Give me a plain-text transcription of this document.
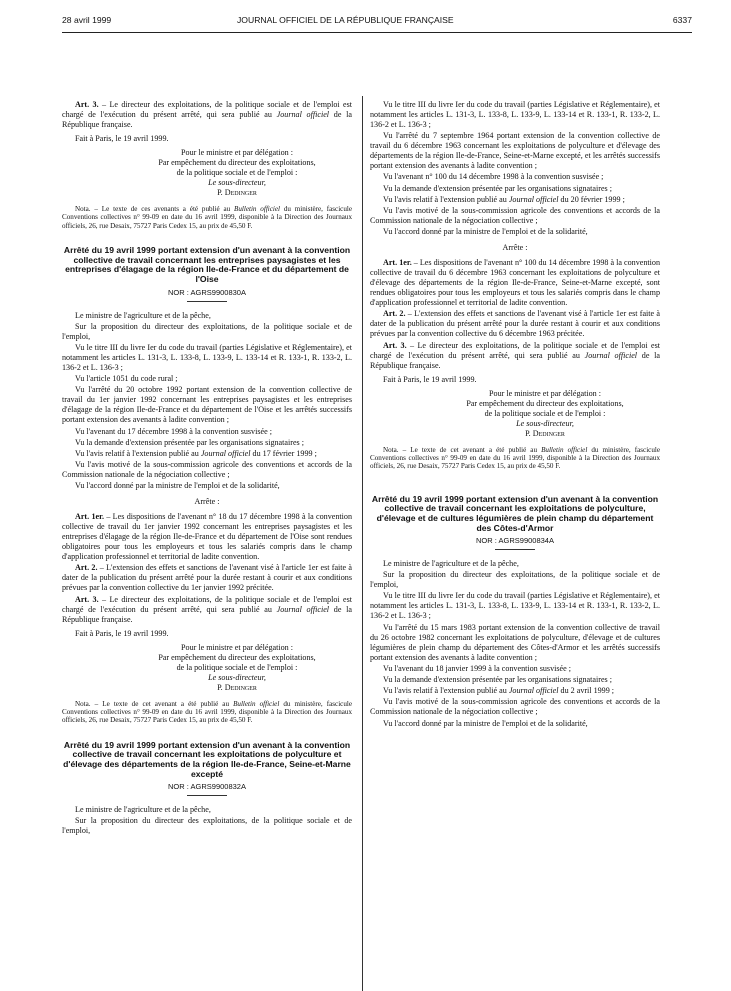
28 avril 1999	JOURNAL OFFICIEL DE LA RÉPUBLIQUE FRANÇAISE	6337

Art. 3. – Le directeur des exploitations, de la politique sociale et de l'emploi est chargé de l'exécution du présent arrêté, qui sera publié au Journal officiel de la République française.

Fait à Paris, le 19 avril 1999.

Pour le ministre et par délégation :

Par empêchement du directeur des exploitations,

de la politique sociale et de l'emploi :

Le sous-directeur,

P. Dedinger

Nota. – Le texte de ces avenants a été publié au Bulletin officiel du ministère, fascicule Conventions collectives n° 99-09 en date du 16 avril 1999, disponible à la Direction des Journaux officiels, 26, rue Desaix, 75727 Paris Cedex 15, au prix de 45,50 F.

Arrêté du 19 avril 1999 portant extension d'un avenant à la convention collective de travail concernant les entreprises paysagistes et les entreprises d'élagage de la région Ile-de-France et du département de l'Oise

NOR : AGRS9900830A

Le ministre de l'agriculture et de la pêche,

Sur la proposition du directeur des exploitations, de la politique sociale et de l'emploi,

Vu le titre III du livre Ier du code du travail (parties Législative et Réglementaire), et notamment les articles L. 131-3, L. 133-8, L. 133-9, L. 133-14 et R. 133-1, R. 133-2, L. 136-2 et L. 136-3 ;

Vu l'article 1051 du code rural ;

Vu l'arrêté du 20 octobre 1992 portant extension de la convention collective de travail du 1er janvier 1992 concernant les entreprises paysagistes et les entreprises d'élagage de la région Ile-de-France et du département de l'Oise et les arrêtés successifs portant extension des avenants à ladite convention ;

Vu l'avenant du 17 décembre 1998 à la convention susvisée ;

Vu la demande d'extension présentée par les organisations signataires ;

Vu l'avis relatif à l'extension publié au Journal officiel du 17 février 1999 ;

Vu l'avis motivé de la sous-commission agricole des conventions et accords de la Commission nationale de la négociation collective ;

Vu l'accord donné par la ministre de l'emploi et de la solidarité,

Arrête :

Art. 1er. – Les dispositions de l'avenant n° 18 du 17 décembre 1998 à la convention collective de travail du 1er janvier 1992 concernant les entreprises paysagistes et les entreprises d'élagage de la région Ile-de-France et du département de l'Oise sont rendues obligatoires pour tous les employeurs et tous les salariés compris dans le champ d'application professionnel et territorial de ladite convention.

Art. 2. – L'extension des effets et sanctions de l'avenant visé à l'article 1er est faite à dater de la publication du présent arrêté pour la durée restant à courir et aux conditions prévues par la convention collective du 1er janvier 1992 précitée.

Art. 3. – Le directeur des exploitations, de la politique sociale et de l'emploi est chargé de l'exécution du présent arrêté, qui sera publié au Journal officiel de la République française.

Fait à Paris, le 19 avril 1999.

Pour le ministre et par délégation :

Par empêchement du directeur des exploitations,

de la politique sociale et de l'emploi :

Le sous-directeur,

P. Dedinger

Nota. – Le texte de cet avenant a été publié au Bulletin officiel du ministère, fascicule Conventions collectives n° 99-09 en date du 16 avril 1999, disponible à la Direction des Journaux officiels, 26, rue Desaix, 75727 Paris Cedex 15, au prix de 45,50 F.

Arrêté du 19 avril 1999 portant extension d'un avenant à la convention collective de travail concernant les exploitations de polyculture et d'élevage des départements de la région Ile-de-France, Seine-et-Marne excepté

NOR : AGRS9900832A

Le ministre de l'agriculture et de la pêche,

Sur la proposition du directeur des exploitations, de la politique sociale et de l'emploi,

Vu le titre III du livre Ier du code du travail (parties Législative et Réglementaire), et notamment les articles L. 131-3, L. 133-8, L. 133-9, L. 133-14 et R. 133-1, R. 133-2, L. 136-2 et L. 136-3 ;

Vu l'arrêté du 7 septembre 1964 portant extension de la convention collective de travail du 6 décembre 1963 concernant les exploitations de polyculture et d'élevage des départements de la région Ile-de-France, Seine-et-Marne excepté, et les arrêtés successifs portant extension des avenants à ladite convention ;

Vu l'avenant n° 100 du 14 décembre 1998 à la convention susvisée ;

Vu la demande d'extension présentée par les organisations signataires ;

Vu l'avis relatif à l'extension publié au Journal officiel du 20 février 1999 ;

Vu l'avis motivé de la sous-commission agricole des conventions et accords de la Commission nationale de la négociation collective ;

Vu l'accord donné par la ministre de l'emploi et de la solidarité,

Arrête :

Art. 1er. – Les dispositions de l'avenant n° 100 du 14 décembre 1998 à la convention collective de travail du 6 décembre 1963 concernant les exploitations de polyculture et d'élevage des départements de la région Ile-de-France, Seine-et-Marne excepté, sont rendues obligatoires pour tous les employeurs et tous les salariés compris dans le champ d'application professionnel et territorial de ladite convention.

Art. 2. – L'extension des effets et sanctions de l'avenant visé à l'article 1er est faite à dater de la publication du présent arrêté pour la durée restant à courir et aux conditions prévues par la convention collective du 6 décembre 1963 précitée.

Art. 3. – Le directeur des exploitations, de la politique sociale et de l'emploi est chargé de l'exécution du présent arrêté, qui sera publié au Journal officiel de la République française.

Fait à Paris, le 19 avril 1999.

Pour le ministre et par délégation :

Par empêchement du directeur des exploitations,

de la politique sociale et de l'emploi :

Le sous-directeur,

P. Dedinger

Nota. – Le texte de cet avenant a été publié au Bulletin officiel du ministère, fascicule Conventions collectives n° 99-09 en date du 16 avril 1999, disponible à la Direction des Journaux officiels, 26, rue Desaix, 75727 Paris Cedex 15, au prix de 45,50 F.

Arrêté du 19 avril 1999 portant extension d'un avenant à la convention collective de travail concernant les exploitations de polyculture, d'élevage et de cultures légumières de plein champ du département des Côtes-d'Armor

NOR : AGRS9900834A

Le ministre de l'agriculture et de la pêche,

Sur la proposition du directeur des exploitations, de la politique sociale et de l'emploi,

Vu le titre III du livre Ier du code du travail (parties Législative et Réglementaire), et notamment les articles L. 131-3, L. 133-8, L. 133-9, L. 133-14 et R. 133-1, R. 133-2, L. 136-2 et L. 136-3 ;

Vu l'arrêté du 15 mars 1983 portant extension de la convention collective de travail du 26 octobre 1982 concernant les exploitations de polyculture, d'élevage et de cultures légumières de plein champ du département des Côtes-d'Armor et les arrêtés successifs portant extension des avenants à ladite convention ;

Vu l'avenant du 18 janvier 1999 à la convention susvisée ;

Vu la demande d'extension présentée par les organisations signataires ;

Vu l'avis relatif à l'extension publié au Journal officiel du 2 avril 1999 ;

Vu l'avis motivé de la sous-commission agricole des conventions et accords de la Commission nationale de la négociation collective ;

Vu l'accord donné par la ministre de l'emploi et de la solidarité,
